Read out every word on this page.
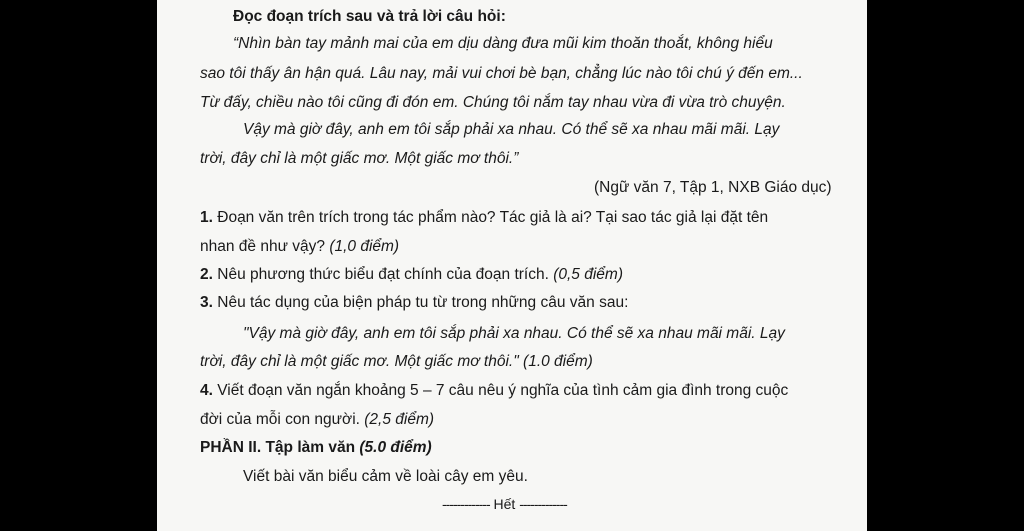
Đọc đoạn trích sau và trả lời câu hỏi:
“Nhìn bàn tay mảnh mai của em dịu dàng đưa mũi kim thoăn thoắt, không hiểu
sao tôi thấy ân hận quá. Lâu nay, mải vui chơi bè bạn, chẳng lúc nào tôi chú ý đến em...
Từ đấy, chiều nào tôi cũng đi đón em. Chúng tôi nắm tay nhau vừa đi vừa trò chuyện.
Vậy mà giờ đây, anh em tôi sắp phải xa nhau. Có thể sẽ xa nhau mãi mãi. Lạy
trời, đây chỉ là một giấc mơ. Một giấc mơ thôi.”
(Ngữ văn 7, Tập 1, NXB Giáo dục)
1. Đoạn văn trên trích trong tác phẩm nào? Tác giả là ai? Tại sao tác giả lại đặt tên
nhan đề như vậy? (1,0 điểm)
2. Nêu phương thức biểu đạt chính của đoạn trích. (0,5 điểm)
3. Nêu tác dụng của biện pháp tu từ trong những câu văn sau:
"Vậy mà giờ đây, anh em tôi sắp phải xa nhau. Có thể sẽ xa nhau mãi mãi. Lạy
trời, đây chỉ là một giấc mơ. Một giấc mơ thôi." (1.0 điểm)
4. Viết đoạn văn ngắn khoảng 5 – 7 câu nêu ý nghĩa của tình cảm gia đình trong cuộc
đời của mỗi con người. (2,5 điểm)
PHẦN II. Tập làm văn (5.0 điểm)
Viết bài văn biểu cảm về loài cây em yêu.
------------- Hết -------------
